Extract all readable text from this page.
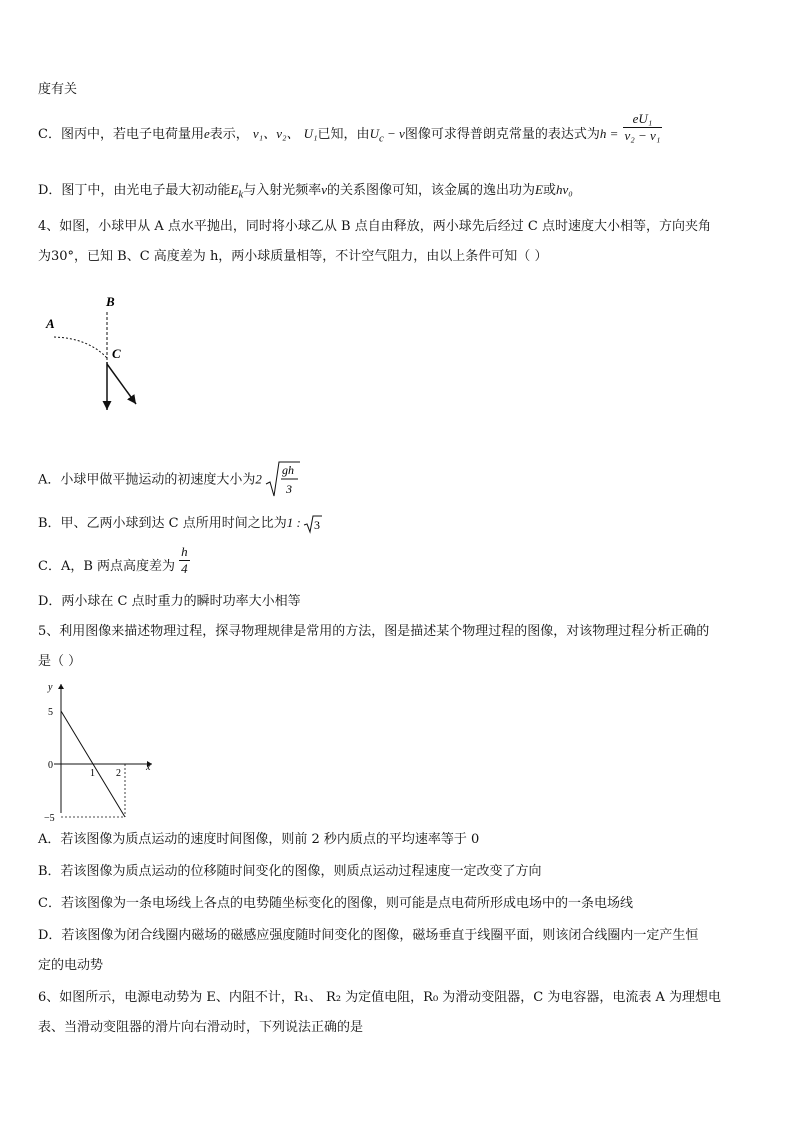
度有关
C．图丙中，若电子电荷量用e表示， ν₁、ν₂、 U₁已知，由$U_c - \nu$图像可求得普朗克常量的表达式为$h = \frac{\text{eU₁}}{\text{ν₂ − ν₁}}$
D．图丁中，由光电子最大初动能$E_k$与入射光频率ν的关系图像可知，该金属的逸出功为E或hν₀
4、如图，小球甲从 A 点水平抛出，同时将小球乙从 B 点自由释放，两小球先后经过 C 点时速度大小相等，方向夹角
为30°，已知 B、C 高度差为 h，两小球质量相等，不计空气阻力，由以上条件可知（ ）
B
A
C
A．小球甲做平抛运动的初速度大小为2
gh
3
B．甲、乙两小球到达 C 点所用时间之比为1 : 3
C．A，B 两点高度差为 $\frac{h}{4}$
D．两小球在 C 点时重力的瞬时功率大小相等
5、利用图像来描述物理过程，探寻物理规律是常用的方法，图是描述某个物理过程的图像，对该物理过程分析正确的
是（ ）
y
x
5
0
−5
1 2
A．若该图像为质点运动的速度时间图像，则前 2 秒内质点的平均速率等于 0
B．若该图像为质点运动的位移随时间变化的图像，则质点运动过程速度一定改变了方向
C．若该图像为一条电场线上各点的电势随坐标变化的图像，则可能是点电荷所形成电场中的一条电场线
D．若该图像为闭合线圈内磁场的磁感应强度随时间变化的图像，磁场垂直于线圈平面，则该闭合线圈内一定产生恒
定的电动势
6、如图所示，电源电动势为 E、内阻不计，R₁、 R₂ 为定值电阻，R₀ 为滑动变阻器，C 为电容器，电流表 A 为理想电
表、当滑动变阻器的滑片向右滑动时，下列说法正确的是
